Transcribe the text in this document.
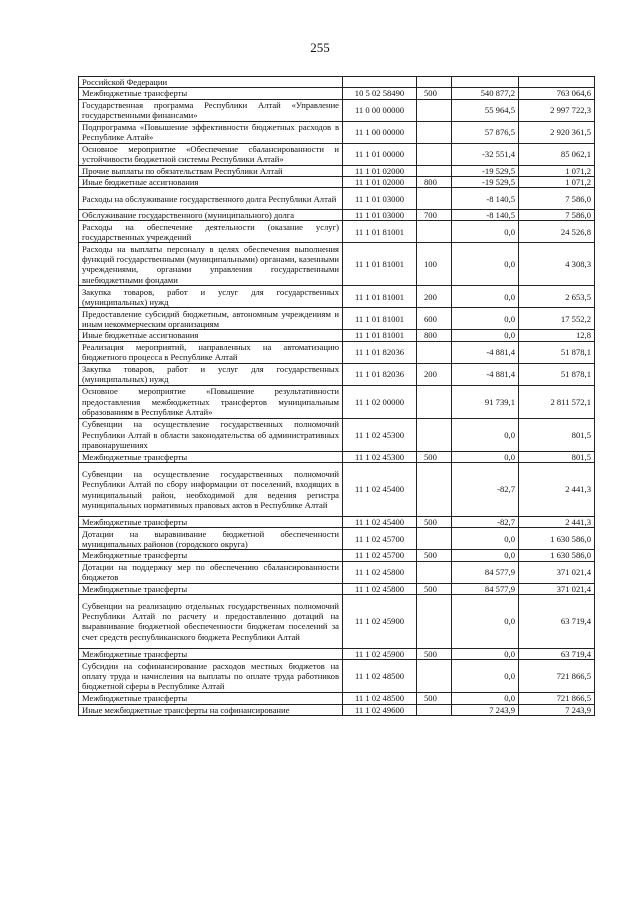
255
Российской Федерации				
Межбюджетные трансферты	10 5 02 58490	500	540 877,2	763 064,6
Государственная программа Республики Алтай «Управление государственными финансами»	11 0 00 00000		55 964,5	2 997 722,3
Подпрограмма «Повышение эффективности бюджетных расходов в Республике Алтай»	11 1 00 00000		57 876,5	2 920 361,5
Основное мероприятие «Обеспечение сбалансированности и устойчивости бюджетной системы Республики Алтай»	11 1 01 00000		-32 551,4	85 062,1
Прочие выплаты по обязательствам Республики Алтай	11 1 01 02000		-19 529,5	1 071,2
Иные бюджетные ассигнования	11 1 01 02000	800	-19 529,5	1 071,2
Расходы на обслуживание государственного долга Республики Алтай	11 1 01 03000		-8 140,5	7 586,0
Обслуживание государственного (муниципального) долга	11 1 01 03000	700	-8 140,5	7 586,0
Расходы на обеспечение деятельности (оказание услуг) государственных учреждений	11 1 01 81001		0,0	24 526,8
Расходы на выплаты персоналу в целях обеспечения выполнения функций государственными (муниципальными) органами, казенными учреждениями, органами управления государственными внебюджетными фондами	11 1 01 81001	100	0,0	4 308,3
Закупка товаров, работ и услуг для государственных (муниципальных) нужд	11 1 01 81001	200	0,0	2 653,5
Предоставление субсидий бюджетным, автономным учреждениям и иным некоммерческим организациям	11 1 01 81001	600	0,0	17 552,2
Иные бюджетные ассигнования	11 1 01 81001	800	0,0	12,8
Реализация мероприятий, направленных на автоматизацию бюджетного процесса в Республике Алтай	11 1 01 82036		-4 881,4	51 878,1
Закупка товаров, работ и услуг для государственных (муниципальных) нужд	11 1 01 82036	200	-4 881,4	51 878,1
Основное мероприятие «Повышение результативности предоставления межбюджетных трансфертов муниципальным образованиям в Республике Алтай»	11 1 02 00000		91 739,1	2 811 572,1
Субвенции на осуществление государственных полномочий Республики Алтай в области законодательства об административных правонарушениях	11 1 02 45300		0,0	801,5
Межбюджетные трансферты	11 1 02 45300	500	0,0	801,5
Субвенции на осуществление государственных полномочий Республики Алтай по сбору информации от поселений, входящих в муниципальный район, необходимой для ведения регистра муниципальных нормативных правовых актов в Республике Алтай	11 1 02 45400		-82,7	2 441,3
Межбюджетные трансферты	11 1 02 45400	500	-82,7	2 441,3
Дотации на выравнивание бюджетной обеспеченности муниципальных районов (городского округа)	11 1 02 45700		0,0	1 630 586,0
Межбюджетные трансферты	11 1 02 45700	500	0,0	1 630 586,0
Дотации на поддержку мер по обеспечению сбалансированности бюджетов	11 1 02 45800		84 577,9	371 021,4
Межбюджетные трансферты	11 1 02 45800	500	84 577,9	371 021,4
Субвенции на реализацию отдельных государственных полномочий Республики Алтай по расчету и предоставлению дотаций на выравнивание бюджетной обеспеченности бюджетам поселений за счет средств республиканского бюджета Республики Алтай	11 1 02 45900		0,0	63 719,4
Межбюджетные трансферты	11 1 02 45900	500	0,0	63 719,4
Субсидии на софинансирование расходов местных бюджетов на оплату труда и начисления на выплаты по оплате труда работников бюджетной сферы в Республике Алтай	11 1 02 48500		0,0	721 866,5
Межбюджетные трансферты	11 1 02 48500	500	0,0	721 866,5
Иные межбюджетные трансферты на софинансирование	11 1 02 49600		7 243,9	7 243,9
